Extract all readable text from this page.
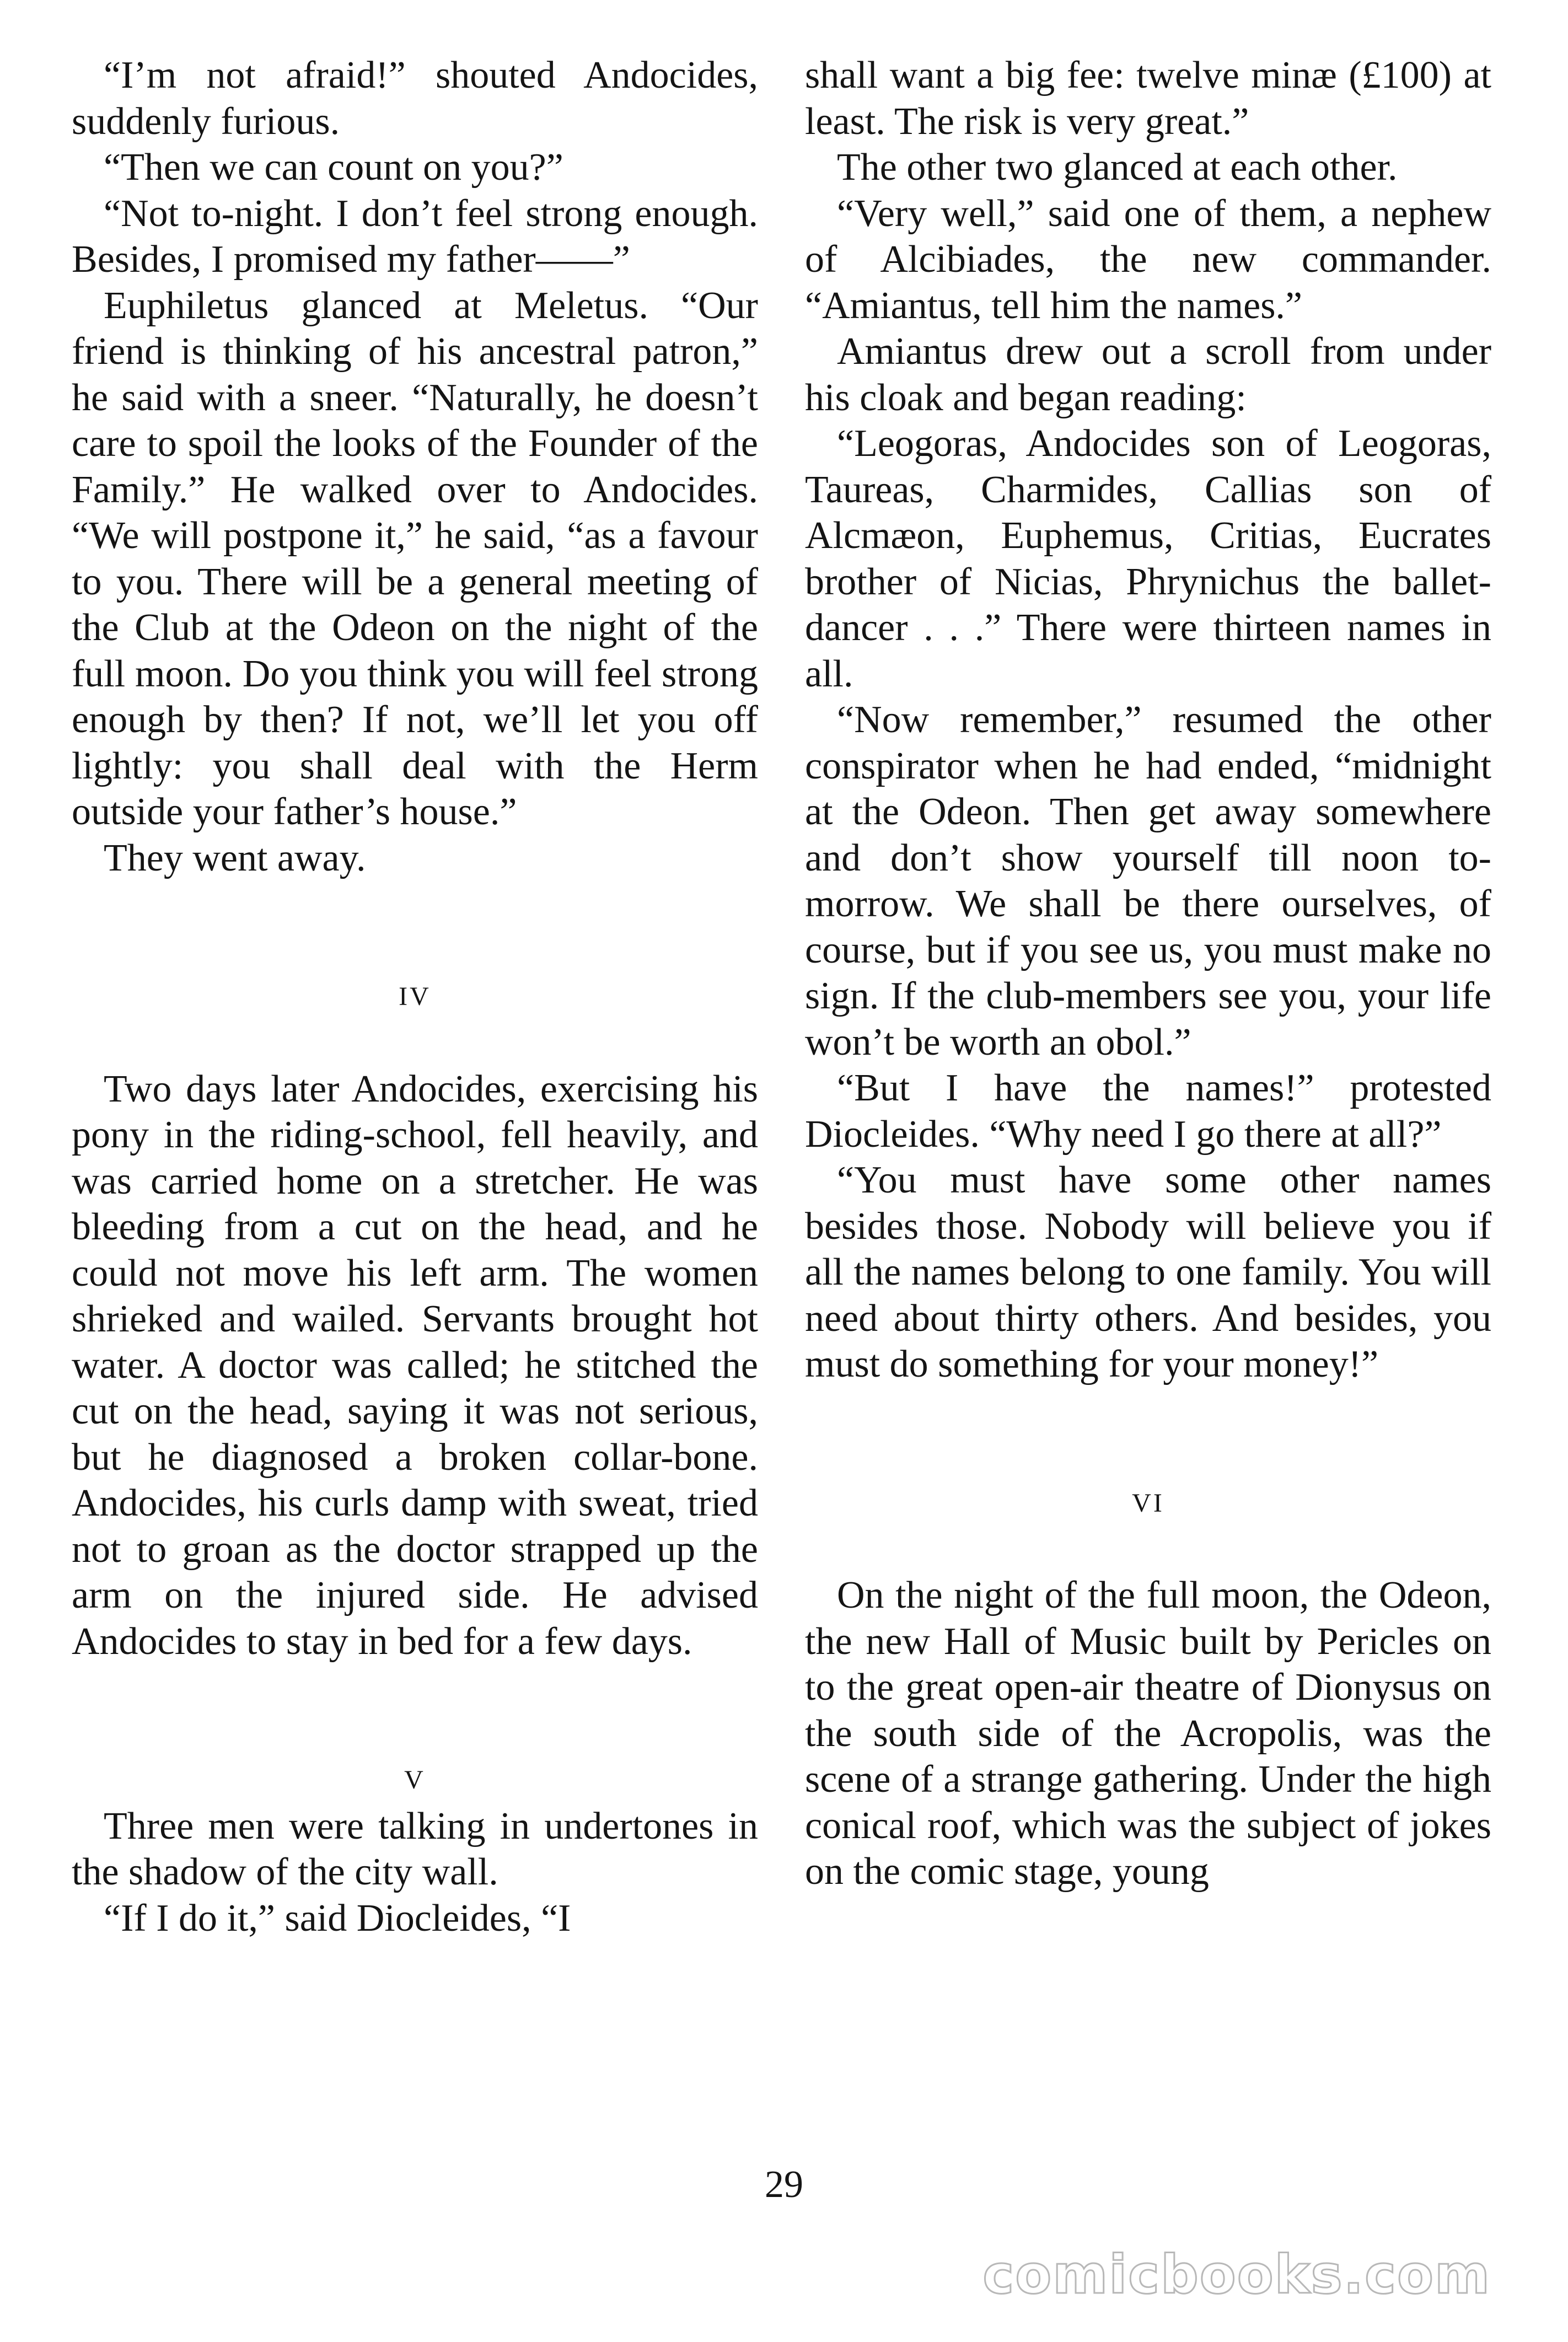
“I’m not afraid!” shouted Andocides, suddenly furious.

“Then we can count on you?”

“Not to-night. I don’t feel strong enough. Besides, I promised my father——”

Euphiletus glanced at Meletus. “Our friend is thinking of his ancestral patron,” he said with a sneer. “Naturally, he doesn’t care to spoil the looks of the Founder of the Family.” He walked over to Andocides. “We will postpone it,” he said, “as a favour to you. There will be a general meeting of the Club at the Odeon on the night of the full moon. Do you think you will feel strong enough by then? If not, we’ll let you off lightly: you shall deal with the Herm outside your father’s house.”

They went away.

IV

Two days later Andocides, exercising his pony in the riding-school, fell heavily, and was carried home on a stretcher. He was bleeding from a cut on the head, and he could not move his left arm. The women shrieked and wailed. Servants brought hot water. A doctor was called; he stitched the cut on the head, saying it was not serious, but he diagnosed a broken collar-bone. Andocides, his curls damp with sweat, tried not to groan as the doctor strapped up the arm on the injured side. He advised Andocides to stay in bed for a few days.

V

Three men were talking in undertones in the shadow of the city wall.

“If I do it,” said Diocleides, “I

shall want a big fee: twelve minæ (£100) at least. The risk is very great.”

The other two glanced at each other.

“Very well,” said one of them, a nephew of Alcibiades, the new commander. “Amiantus, tell him the names.”

Amiantus drew out a scroll from under his cloak and began reading:

“Leogoras, Andocides son of Leogoras, Taureas, Charmides, Callias son of Alcmæon, Euphemus, Critias, Eucrates brother of Nicias, Phrynichus the ballet-dancer . . .” There were thirteen names in all.

“Now remember,” resumed the other conspirator when he had ended, “midnight at the Odeon. Then get away somewhere and don’t show yourself till noon to-morrow. We shall be there ourselves, of course, but if you see us, you must make no sign. If the club-members see you, your life won’t be worth an obol.”

“But I have the names!” protested Diocleides. “Why need I go there at all?”

“You must have some other names besides those. Nobody will believe you if all the names belong to one family. You will need about thirty others. And besides, you must do something for your money!”

VI

On the night of the full moon, the Odeon, the new Hall of Music built by Pericles on to the great open-air theatre of Dionysus on the south side of the Acropolis, was the scene of a strange gathering. Under the high conical roof, which was the subject of jokes on the comic stage, young

29
comicbooks.com
